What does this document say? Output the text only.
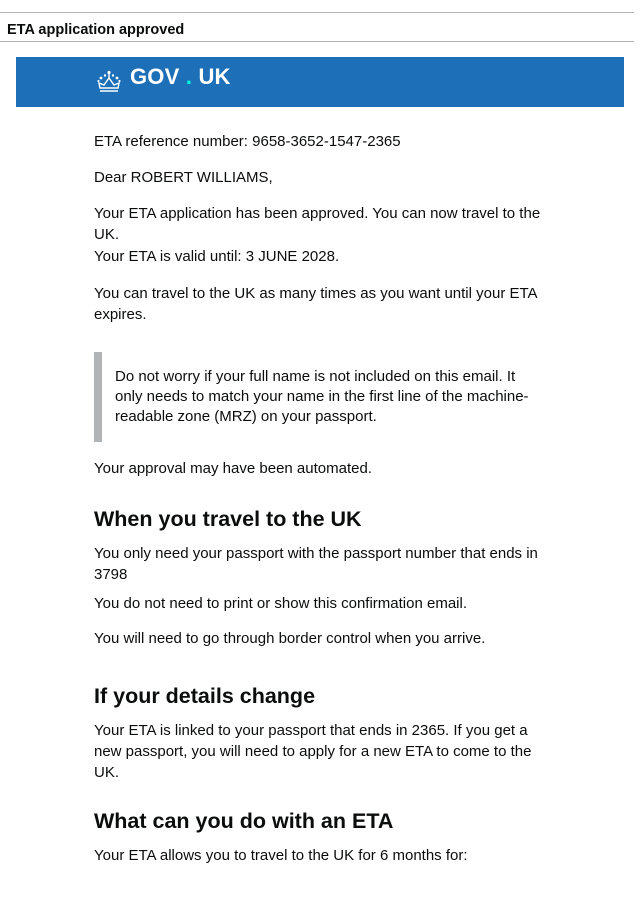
ETA application approved
GOV . UK

ETA reference number: 9658-3652-1547-2365

Dear ROBERT WILLIAMS,

Your ETA application has been approved. You can now travel to the UK.

Your ETA is valid until: 3 JUNE 2028.

You can travel to the UK as many times as you want until your ETA expires.

Your approval may have been automated.

When you travel to the UK

You only need your passport with the passport number that ends in 3798

You do not need to print or show this confirmation email.

You will need to go through border control when you arrive.

If your details change

Your ETA is linked to your passport that ends in 2365. If you get a new passport, you will need to apply for a new ETA to come to the UK.

What can you do with an ETA

Your ETA allows you to travel to the UK for 6 months for:

Do not worry if your full name is not included on this email. It only needs to match your name in the first line of the machine-readable zone (MRZ) on your passport.
